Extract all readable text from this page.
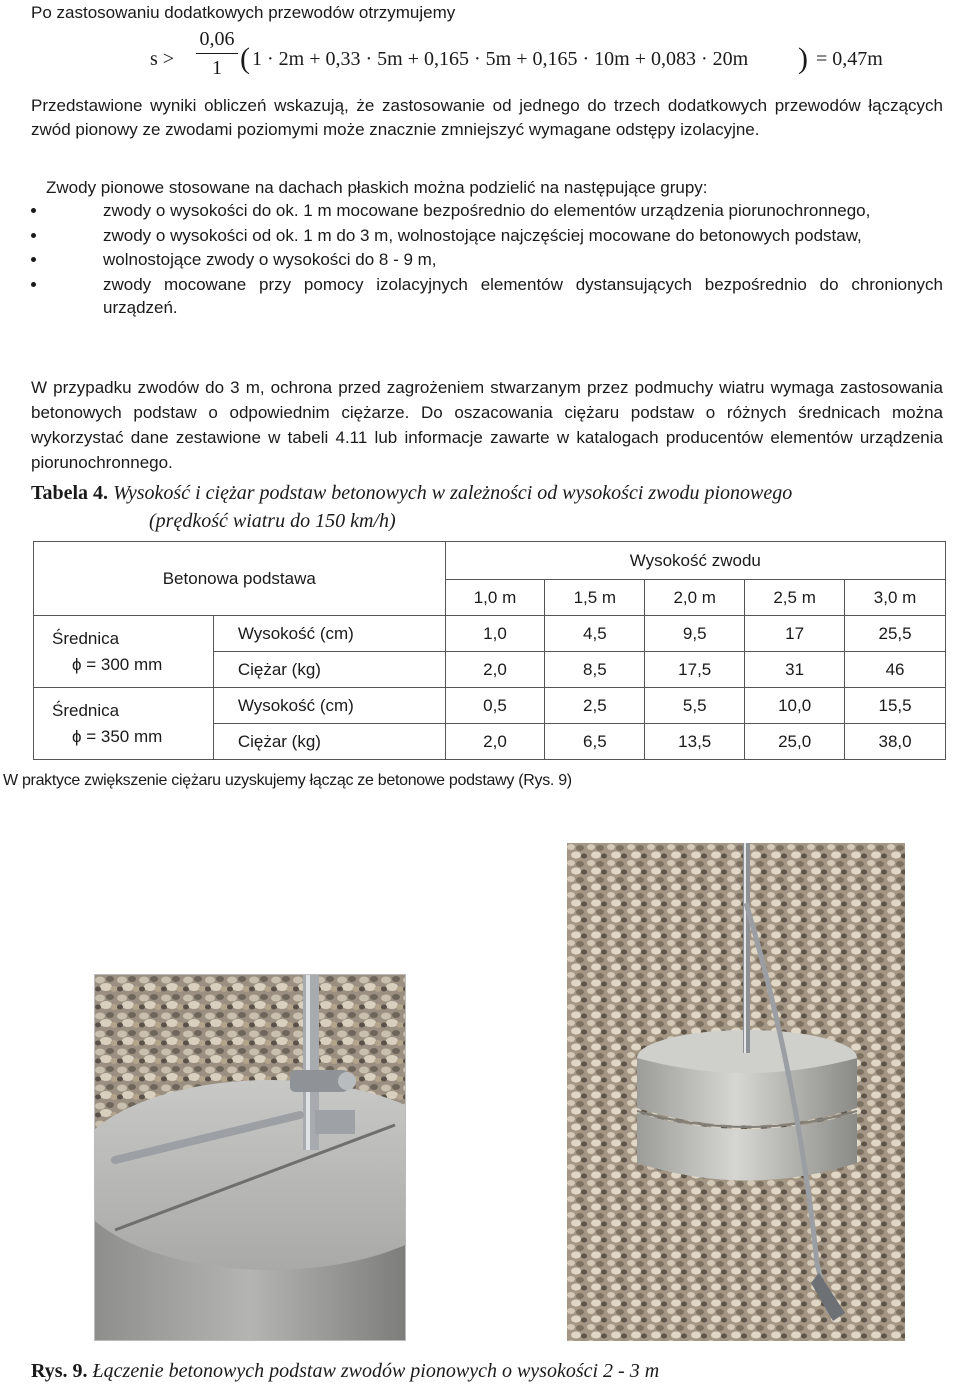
Po zastosowaniu dodatkowych przewodów otrzymujemy
$s > \frac{0,06}{1}$ ( 1 · 2m + 0,33 · 5m + 0,165 · 5m + 0,165 · 10m + 0,083 · 20m ) = 0,47m
Przedstawione wyniki obliczeń wskazują, że zastosowanie od jednego do trzech dodatkowych przewodów łączących zwód pionowy ze zwodami poziomymi może znacznie zmniejszyć wymagane odstępy izolacyjne.
Zwody pionowe stosowane na dachach płaskich można podzielić na następujące grupy:
zwody o wysokości do ok. 1 m mocowane bezpośrednio do elementów urządzenia piorunochronnego,
zwody o wysokości od ok. 1 m do 3 m, wolnostojące najczęściej mocowane do betonowych podstaw,
wolnostojące zwody o wysokości do 8 - 9 m,
zwody mocowane przy pomocy izolacyjnych elementów dystansujących bezpośrednio do chronionych urządzeń.
W przypadku zwodów do 3 m, ochrona przed zagrożeniem stwarzanym przez podmuchy wiatru wymaga zastosowania betonowych podstaw o odpowiednim ciężarze. Do oszacowania ciężaru podstaw o różnych średnicach można wykorzystać dane zestawione w tabeli 4.11 lub informacje zawarte w katalogach producentów elementów urządzenia piorunochronnego.
Tabela 4. Wysokość i ciężar podstaw betonowych w zależności od wysokości zwodu pionowego
(prędkość wiatru do 150 km/h)
Betonowa podstawa		Wysokość zwodu				
		1,0 m	1,5 m	2,0 m	2,5 m	3,0 m

Średnica
ϕ = 300 mm	Wysokość (cm)	1,0	4,5	9,5	17	25,5
	Ciężar (kg)	2,0	8,5	17,5	31	46

Średnica
ϕ = 350 mm	Wysokość (cm)	0,5	2,5	5,5	10,0	15,5
	Ciężar (kg)	2,0	6,5	13,5	25,0	38,0
W praktyce zwiększenie ciężaru uzyskujemy łącząc ze betonowe podstawy (Rys. 9)
Rys. 9. Łączenie betonowych podstaw zwodów pionowych o wysokości 2 - 3 m
